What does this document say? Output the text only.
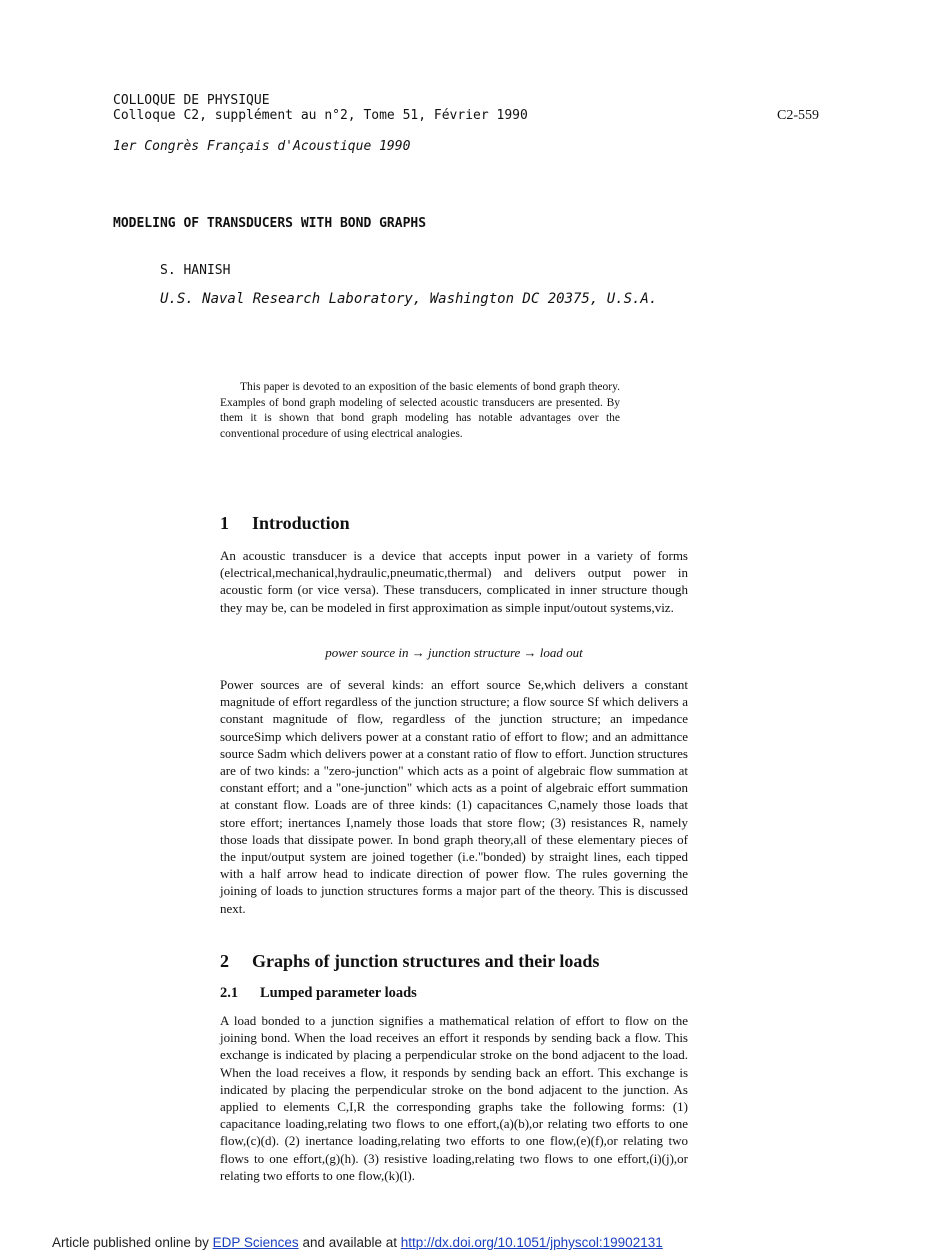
COLLOQUE DE PHYSIQUE
Colloque C2, supplément au n°2, Tome 51, Février 1990	C2-559
1er Congrès Français d'Acoustique 1990
MODELING OF TRANSDUCERS WITH BOND GRAPHS
S. HANISH
U.S. Naval Research Laboratory, Washington DC 20375, U.S.A.
This paper is devoted to an exposition of the basic elements of bond graph theory. Examples of bond graph modeling of selected acoustic transducers are presented. By them it is shown that bond graph modeling has notable advantages over the conventional procedure of using electrical analogies.
1 Introduction
An acoustic transducer is a device that accepts input power in a variety of forms (electrical,mechanical,hydraulic,pneumatic,thermal) and delivers output power in acoustic form (or vice versa). These transducers, complicated in inner structure though they may be, can be modeled in first approximation as simple input/outout systems,viz.
power source in → junction structure → load out
Power sources are of several kinds: an effort source Se,which delivers a constant magnitude of effort regardless of the junction structure; a flow source Sf which delivers a constant magnitude of flow, regardless of the junction structure; an impedance sourceSimp which delivers power at a constant ratio of effort to flow; and an admittance source Sadm which delivers power at a constant ratio of flow to effort. Junction structures are of two kinds: a "zero-junction" which acts as a point of algebraic flow summation at constant effort; and a "one-junction" which acts as a point of algebraic effort summation at constant flow. Loads are of three kinds: (1) capacitances C,namely those loads that store effort; inertances I,namely those loads that store flow; (3) resistances R, namely those loads that dissipate power. In bond graph theory,all of these elementary pieces of the input/output system are joined together (i.e."bonded) by straight lines, each tipped with a half arrow head to indicate direction of power flow. The rules governing the joining of loads to junction structures forms a major part of the theory. This is discussed next.
2 Graphs of junction structures and their loads
2.1 Lumped parameter loads
A load bonded to a junction signifies a mathematical relation of effort to flow on the joining bond. When the load receives an effort it responds by sending back a flow. This exchange is indicated by placing a perpendicular stroke on the bond adjacent to the load. When the load receives a flow, it responds by sending back an effort. This exchange is indicated by placing the perpendicular stroke on the bond adjacent to the junction. As applied to elements C,I,R the corresponding graphs take the following forms: (1) capacitance loading,relating two flows to one effort,(a)(b),or relating two efforts to one flow,(c)(d). (2) inertance loading,relating two efforts to one flow,(e)(f),or relating two flows to one effort,(g)(h). (3) resistive loading,relating two flows to one effort,(i)(j),or relating two efforts to one flow,(k)(l).
Article published online by EDP Sciences and available at http://dx.doi.org/10.1051/jphyscol:19902131
